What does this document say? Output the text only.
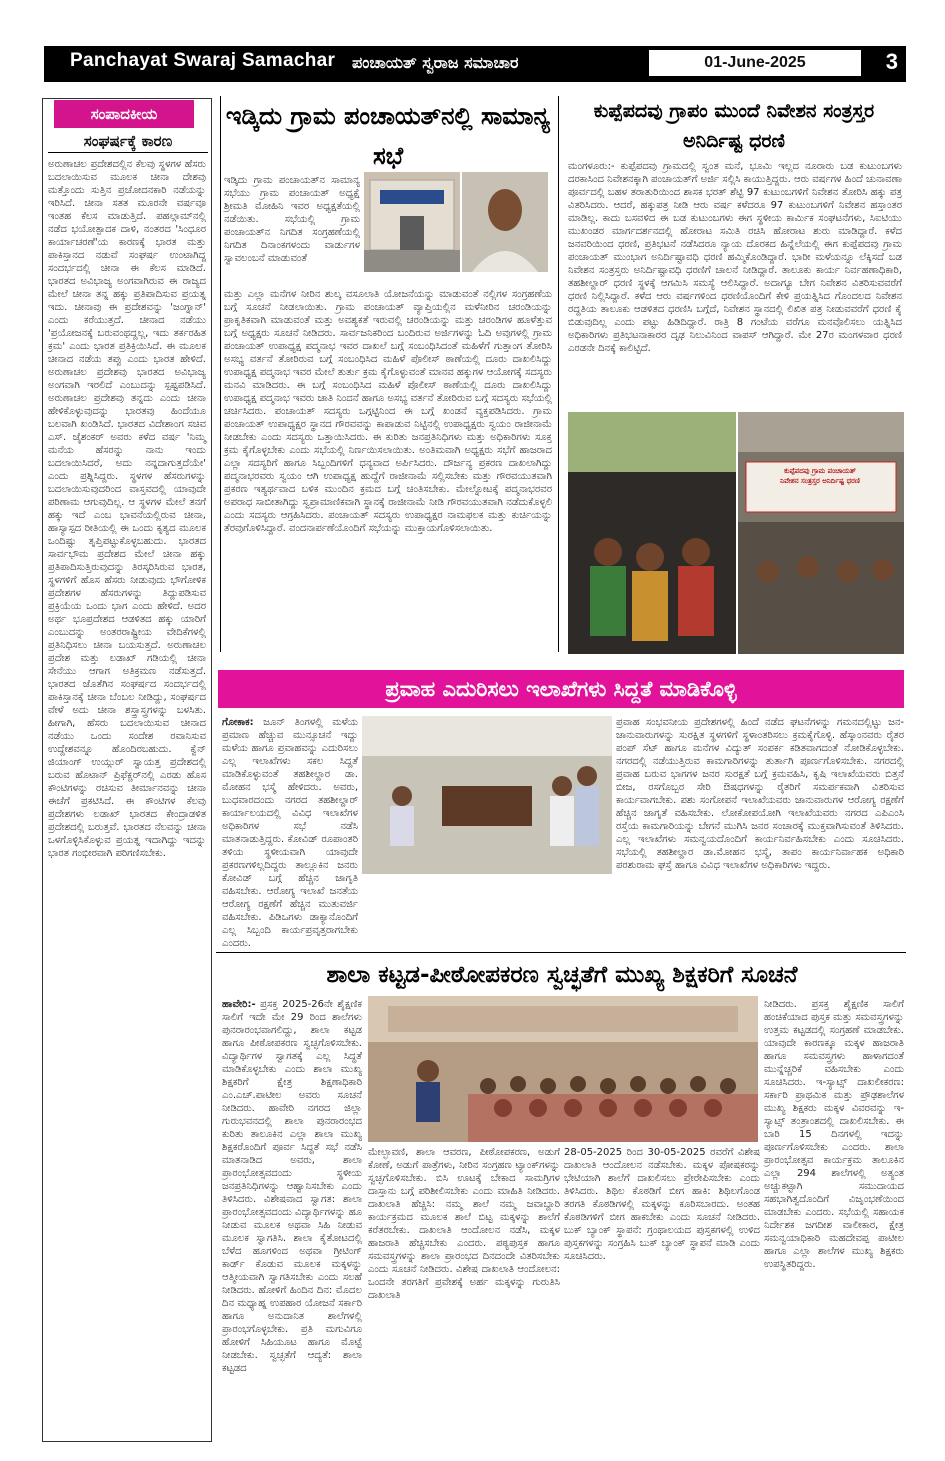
Panchayat Swaraj Samachar ಪಂಚಾಯತ್ ಸ್ವರಾಜ ಸಮಾಚಾರ	01-June-2025	3
ಸಂಪಾದಕೀಯ
ಸಂಘರ್ಷಕ್ಕೆ ಕಾರಣ
ಅರುಣಾಚಲ ಪ್ರದೇಶದಲ್ಲಿನ ಕೆಲವು ಸ್ಥಳಗಳ ಹೆಸರು ಬದಲಾಯಿಸುವ ಮೂಲಕ ಚೀನಾ ದೇಶವು ಮತ್ತೊಂದು ಸುತ್ತಿನ ಪ್ರಚೋದನಕಾರಿ ನಡೆಯನ್ನು ಇರಿಸಿದೆ. ಚೀನಾ ಸತತ ಮೂರನೇ ವರ್ಷವೂ ಇಂತಹ ಕೆಲಸ ಮಾಡುತ್ತಿದೆ. ಪಹಲ್ಗಾಮ್‌ನಲ್ಲಿ ನಡೆದ ಭಯೋತ್ಪಾದಕ ದಾಳಿ, ನಂತರದ 'ಸಿಂಧೂರ ಕಾರ್ಯಾಚರಣೆ'ಯ ಕಾರಣಕ್ಕೆ ಭಾರತ ಮತ್ತು ಪಾಕಿಸ್ತಾನದ ನಡುವೆ ಸಂಘರ್ಷ ಉಂಟಾಗಿದ್ದ ಸಂದರ್ಭದಲ್ಲಿ ಚೀನಾ ಈ ಕೆಲಸ ಮಾಡಿದೆ. ಭಾರತದ ಅವಿಭಾಜ್ಯ ಅಂಗವಾಗಿರುವ ಈ ರಾಜ್ಯದ ಮೇಲೆ ಚೀನಾ ತನ್ನ ಹಕ್ಕು ಪ್ರತಿಪಾದಿಸುವ ಪ್ರಯತ್ನ ಇದು. ಚೀನಾವು ಈ ಪ್ರದೇಶವನ್ನು 'ಜಂಗ್ನಾನ್' ಎಂದು ಕರೆಯುತ್ತದೆ. ಚೀನಾದ ನಡೆಯು 'ಪ್ರಯೋಜನಕ್ಕೆ ಬರುವಂಥದ್ದಲ್ಲ, ಇದು ತರ್ಕರಹಿತ ಕ್ರಮ' ಎಂದು ಭಾರತ ಪ್ರತಿಕ್ರಿಯಿಸಿದೆ. ಈ ಮೂಲಕ ಚೀನಾದ ನಡೆಯ ತಪ್ಪು ಎಂದು ಭಾರತ ಹೇಳಿದೆ. ಅರುಣಾಚಲ ಪ್ರದೇಶವು ಭಾರತದ ಅವಿಭಾಜ್ಯ ಅಂಗವಾಗಿ ಇರಲಿದೆ ಎಂಬುದನ್ನು ಸ್ಪಷ್ಟಪಡಿಸಿದೆ. ಅರುಣಾಚಲ ಪ್ರದೇಶವು ತನ್ನದು ಎಂದು ಚೀನಾ ಹೇಳಿಕೊಳ್ಳುವುದನ್ನು ಭಾರತವು ಹಿಂದೆಯೂ ಬಲವಾಗಿ ಖಂಡಿಸಿದೆ. ಭಾರತದ ವಿದೇಶಾಂಗ ಸಚಿವ ಎಸ್. ಜೈಶಂಕರ್ ಅವರು ಕಳೆದ ವರ್ಷ 'ನಿಮ್ಮ ಮನೆಯ ಹೆಸರನ್ನು ನಾನು ಇಂದು ಬದಲಾಯಿಸಿದರೆ, ಅದು ನನ್ನದಾಗುತ್ತದೆಯೇ' ಎಂದು ಪ್ರಶ್ನಿಸಿದ್ದರು. ಸ್ಥಳಗಳ ಹೆಸರುಗಳನ್ನು ಬದಲಾಯಿಸುವುದರಿಂದ ವಾಸ್ತವದಲ್ಲಿ ಯಾವುದೇ ಪರಿಣಾಮ ಆಗುವುದಿಲ್ಲ. ಆ ಸ್ಥಳಗಳ ಮೇಲೆ ತನಗೆ ಹಕ್ಕು ಇದೆ ಎಂಬ ಭಾವನೆಯಲ್ಲಿರುವ ಚೀನಾ, ಹಾಸ್ಯಾಸ್ಪದ ರೀತಿಯಲ್ಲಿ ಈ ಒಂದು ಕೃತ್ಯದ ಮೂಲಕ ಒಂದಿಷ್ಟು ತೃಪ್ತಿಪಟ್ಟುಕೊಳ್ಳಬಹುದು. ಭಾರತದ ಸಾರ್ವಭೌಮ ಪ್ರದೇಶದ ಮೇಲೆ ಚೀನಾ ಹಕ್ಕು ಪ್ರತಿಪಾದಿಸುತ್ತಿರುವುದನ್ನು ತಿರಸ್ಕರಿಸಿರುವ ಭಾರತ, ಸ್ಥಳಗಳಿಗೆ ಹೊಸ ಹೆಸರು ನೀಡುವುದು ಭೌಗೋಳಿಕ ಪ್ರದೇಶಗಳ ಹೆಸರುಗಳನ್ನು ತಿದ್ದುಪಡಿಸುವ ಪ್ರಕ್ರಿಯೆಯ ಒಂದು ಭಾಗ ಎಂದು ಹೇಳಿದೆ. ಅದರ ಅರ್ಥ ಭೂಪ್ರದೇಶದ ಆಡಳಿತದ ಹಕ್ಕು ಯಾರಿಗೆ ಎಂಬುದನ್ನು ಅಂತರರಾಷ್ಟ್ರೀಯ ವೇದಿಕೆಗಳಲ್ಲಿ ಪ್ರತಿನಿಧಿಸಲು ಚೀನಾ ಬಯಸುತ್ತದೆ. ಅರುಣಾಚಲ ಪ್ರದೇಶ ಮತ್ತು ಲಡಾಖ್ ಗಡಿಯಲ್ಲಿ ಚೀನಾ ಸೇನೆಯು ಆಗಾಗ ಅತಿಕ್ರಮಣ ನಡೆಸುತ್ತದೆ. ಭಾರತದ ಜೊತೆಗಿನ ಸಂಘರ್ಷದ ಸಂದರ್ಭದಲ್ಲಿ ಪಾಕಿಸ್ತಾನಕ್ಕೆ ಚೀನಾ ಬೆಂಬಲ ನೀಡಿದ್ದು, ಸಂಘರ್ಷದ ವೇಳೆ ಅದು ಚೀನಾ ಶಸ್ತ್ರಾಸ್ತ್ರಗಳನ್ನು ಬಳಸಿತು. ಹೀಗಾಗಿ, ಹೆಸರು ಬದಲಾಯಿಸುವ ಚೀನಾದ ನಡೆಯು ಒಂದು ಸಂದೇಶ ರವಾನಿಸುವ ಉದ್ದೇಶವನ್ನೂ ಹೊಂದಿರಬಹುದು. ಕ್ವೆನ್ ಜಿಯಾಂಗ್ ಉಯ್ಗುರ್ ಸ್ವಾಯತ್ತ ಪ್ರದೇಶದಲ್ಲಿ ಬರುವ ಹೊಟಾನ್ ಪ್ರಿಫೆಕ್ಚರ್‌ನಲ್ಲಿ ಎರಡು ಹೊಸ ಕೌಂಟಿಗಳನ್ನು ರಚಿಸುವ ತೀರ್ಮಾನವನ್ನು ಚೀನಾ ಈಚೆಗೆ ಪ್ರಕಟಿಸಿದೆ. ಈ ಕೌಂಟಿಗಳ ಕೆಲವು ಪ್ರದೇಶಗಳು ಲಡಾಖ್ ಭಾರತದ ಕೇಂದ್ರಾಡಳಿತ ಪ್ರದೇಶದಲ್ಲಿ ಬರುತ್ತವೆ. ಭಾರತದ ನೆಲವನ್ನು ಚೀನಾ ಒಳಗೊಳ್ಳಿಸಿಕೊಳ್ಳುವ ಪ್ರಯತ್ನ ಇದಾಗಿದ್ದು ಇದನ್ನು ಭಾರತ ಗಂಭೀರವಾಗಿ ಪರಿಗಣಿಸಬೇಕು.
ಇಡ್ಕಿದು ಗ್ರಾಮ ಪಂಚಾಯತ್‌ನಲ್ಲಿ ಸಾಮಾನ್ಯ ಸಭೆ
ಇಡ್ಕಿದು ಗ್ರಾಮ ಪಂಚಾಯತ್‌ನ ಸಾಮಾನ್ಯ ಸಭೆಯು ಗ್ರಾಮ ಪಂಚಾಯತ್ ಅಧ್ಯಕ್ಷೆ ಶ್ರೀಮತಿ ಮೋಹಿನಿ ಇವರ ಅಧ್ಯಕ್ಷತೆಯಲ್ಲಿ ನಡೆಯಿತು. ಸಭೆಯಲ್ಲಿ ಗ್ರಾಮ ಪಂಚಾಯತ್‌ನ ನಿಗದಿತ ಸಂಗ್ರಹಣೆಯಲ್ಲಿ ನಿಗದಿತ ದಿನಾಂಕಗಳಂದು ವಾರ್ಡುಗಳ ಸ್ವಾವಲಂಬನೆ ಮಾಡುವಂತೆ
ಮತ್ತು ಎಲ್ಲಾ ಮನೆಗಳ ನೀರಿನ ಶುಲ್ಕ ವಸೂಲಾತಿ ಯೋಜನೆಯನ್ನು ಮಾಡುವಂತೆ ನಲ್ಲಿಗಳ ಸಂಗ್ರಹಣೆಯ ಬಗ್ಗೆ ಸೂಚನೆ ನೀಡಲಾಯಿತು. ಗ್ರಾಮ ಪಂಚಾಯತ್ ವ್ಯಾಪ್ತಿಯಲ್ಲಿನ ಮಳೆನೀರಿನ ಚರಂಡಿಯನ್ನು ಪ್ರಾಕೃತಿಕವಾಗಿ ಮಾಡುವಂತೆ ಮತ್ತು ಅವಶ್ಯಕತೆ ಇರುವಲ್ಲಿ ಚರಂಡಿಯನ್ನು ಮತ್ತು ಚರಂಡಿಗಳ ಹೂಳೆತ್ತುವ ಬಗ್ಗೆ ಅಧ್ಯಕ್ಷರು ಸೂಚನೆ ನೀಡಿದರು. ಸಾರ್ವಜನಿಕರಿಂದ ಬಂದಿರುವ ಅರ್ಜಿಗಳನ್ನು ಓದಿ ಅವುಗಳಲ್ಲಿ ಗ್ರಾಮ ಪಂಚಾಯತ್ ಉಪಾಧ್ಯಕ್ಷ ಪದ್ಮನಾಭ ಇವರ ದಾಖಲೆ ಬಗ್ಗೆ ಸಂಬಂಧಿಸಿದಂತೆ ಮಹಿಳೆಗೆ ಗುತ್ತಾಂಗ ತೋರಿಸಿ ಅಸಭ್ಯ ವರ್ತನೆ ತೋರಿರುವ ಬಗ್ಗೆ ಸಂಬಂಧಿಸಿದ ಮಹಿಳೆ ಪೊಲೀಸ್ ಠಾಣೆಯಲ್ಲಿ ದೂರು ದಾಖಲಿಸಿದ್ದು ಉಪಾಧ್ಯಕ್ಷ ಪದ್ಮನಾಭ ಇವರ ಮೇಲೆ ತುರ್ತು ಕ್ರಮ ಕೈಗೊಳ್ಳುವಂತೆ ಮಾನವ ಹಕ್ಕುಗಳ ಆಯೋಗಕ್ಕೆ ಸದಸ್ಯರು ಮನವಿ ಮಾಡಿದರು. ಈ ಬಗ್ಗೆ ಸಂಬಂಧಿಸಿದ ಮಹಿಳೆ ಪೊಲೀಸ್ ಠಾಣೆಯಲ್ಲಿ ದೂರು ದಾಖಲಿಸಿದ್ದು ಉಪಾಧ್ಯಕ್ಷ ಪದ್ಮನಾಭ ಇವರು ಜಾತಿ ನಿಂದನೆ ಹಾಗೂ ಅಸಭ್ಯ ವರ್ತನೆ ತೋರಿರುವ ಬಗ್ಗೆ ಸದಸ್ಯರು ಸಭೆಯಲ್ಲಿ ಚರ್ಚಿಸಿದರು. ಪಂಚಾಯತ್ ಸದಸ್ಯರು ಒಗ್ಗಟ್ಟಿನಿಂದ ಈ ಬಗ್ಗೆ ಖಂಡನೆ ವ್ಯಕ್ತಪಡಿಸಿದರು. ಗ್ರಾಮ ಪಂಚಾಯತ್ ಉಪಾಧ್ಯಕ್ಷರ ಸ್ಥಾನದ ಗೌರವವನ್ನು ಕಾಪಾಡುವ ನಿಟ್ಟಿನಲ್ಲಿ ಉಪಾಧ್ಯಕ್ಷರು ಸ್ವಯಂ ರಾಜೀನಾಮೆ ನೀಡಬೇಕು ಎಂದು ಸದಸ್ಯರು ಒತ್ತಾಯಿಸಿದರು. ಈ ಕುರಿತು ಜನಪ್ರತಿನಿಧಿಗಳು ಮತ್ತು ಅಧಿಕಾರಿಗಳು ಸೂಕ್ತ ಕ್ರಮ ಕೈಗೊಳ್ಳಬೇಕು ಎಂದು ಸಭೆಯಲ್ಲಿ ನಿರ್ಣಯಿಸಲಾಯಿತು. ಅಂತಿಮವಾಗಿ ಅಧ್ಯಕ್ಷರು ಸಭೆಗೆ ಹಾಜರಾದ ಎಲ್ಲಾ ಸದಸ್ಯರಿಗೆ ಹಾಗೂ ಸಿಬ್ಬಂದಿಗಳಿಗೆ ಧನ್ಯವಾದ ಅರ್ಪಿಸಿದರು. ದೌರ್ಜನ್ಯ ಪ್ರಕರಣ ದಾಖಲಾಗಿದ್ದು ಪದ್ಮನಾಭರವರು ಸ್ವಯಂ ಆಗಿ ಉಪಾಧ್ಯಕ್ಷ ಹುದ್ದೆಗೆ ರಾಜೀನಾಮೆ ಸಲ್ಲಿಸಬೇಕು ಮತ್ತು ಗೌರವಯುತವಾಗಿ ಪ್ರಕರಣ ಇತ್ಯರ್ಥವಾದ ಬಳಿಕ ಮುಂದಿನ ಕ್ರಮದ ಬಗ್ಗೆ ಚಿಂತಿಸಬೇಕು. ಮೇಲ್ನೋಟಕ್ಕೆ ಪದ್ಮನಾಭರವರ ಅಪರಾಧ ಸಾಬೀತಾಗಿದ್ದು ಸ್ವಪ್ರಾಮಾಣಿಕವಾಗಿ ಸ್ಥಾನಕ್ಕೆ ರಾಜೀನಾಮೆ ನೀಡಿ ಗೌರವಯುತವಾಗಿ ನಡೆದುಕೊಳ್ಳಲಿ ಎಂದು ಸದಸ್ಯರು ಆಗ್ರಹಿಸಿದರು. ಪಂಚಾಯತ್ ಸದಸ್ಯರು ಉಪಾಧ್ಯಕ್ಷರ ನಾಮಫಲಕ ಮತ್ತು ಕುರ್ಚಿಯನ್ನು ತೆರವುಗೊಳಿಸಿದ್ದಾರೆ. ವಂದನಾರ್ಪಣೆಯೊಂದಿಗೆ ಸಭೆಯನ್ನು ಮುಕ್ತಾಯಗೊಳಿಸಲಾಯಿತು.
ಕುಪ್ಪೆಪದವು ಗ್ರಾಪಂ ಮುಂದೆ ನಿವೇಶನ ಸಂತ್ರಸ್ತರ ಅನಿರ್ದಿಷ್ಟ ಧರಣಿ
ಮಂಗಳೂರು:- ಕುಪ್ಪೆಪದವು ಗ್ರಾಮದಲ್ಲಿ ಸ್ವಂತ ಮನೆ, ಭೂಮಿ ಇಲ್ಲದ ನೂರಾರು ಬಡ ಕುಟುಂಬಗಳು ದರಕಾಸಿಂದ ನಿವೇಶನಕ್ಕಾಗಿ ಪಂಚಾಯತ್‌ಗೆ ಅರ್ಜಿ ಸಲ್ಲಿಸಿ ಕಾಯುತ್ತಿದ್ದರು. ಆರು ವರ್ಷಗಳ ಹಿಂದೆ ಚುನಾವಣಾ ಪೂರ್ವದಲ್ಲಿ ಬಹಳ ತರಾತುರಿಯಿಂದ ಶಾಸಕ ಭರತ್ ಶೆಟ್ಟಿ 97 ಕುಟುಂಬಗಳಿಗೆ ನಿವೇಶನ ತೋರಿಸಿ ಹಕ್ಕು ಪತ್ರ ವಿತರಿಸಿದರು. ಆದರೆ, ಹಕ್ಕುಪತ್ರ ನೀಡಿ ಆರು ವರ್ಷ ಕಳೆದರೂ 97 ಕುಟುಂಬಗಳಿಗೆ ನಿವೇಶನ ಹಸ್ತಾಂತರ ಮಾಡಿಲ್ಲ. ಕಾದು ಬಸವಳಿದ ಈ ಬಡ ಕುಟುಂಬಗಳು ಈಗ ಸ್ಥಳೀಯ ಕಾರ್ಮಿಕ ಸಂಘಟನೆಗಳು, ಸಿಐಟಿಯು ಮುಖಂಡರ ಮಾರ್ಗದರ್ಶನದಲ್ಲಿ ಹೋರಾಟ ಸಮಿತಿ ರಚಿಸಿ ಹೋರಾಟ ಶುರು ಮಾಡಿದ್ದಾರೆ. ಕಳೆದ ಜನವರಿಯಿಂದ ಧರಣಿ, ಪ್ರತಿಭಟನೆ ನಡೆಸಿದರೂ ನ್ಯಾಯ ದೊರಕದ ಹಿನ್ನೆಲೆಯಲ್ಲಿ ಈಗ ಕುಪ್ಪೆಪದವು ಗ್ರಾಮ ಪಂಚಾಯತ್ ಮುಂಭಾಗ ಅನಿರ್ದಿಷ್ಟಾವಧಿ ಧರಣಿ ಹಮ್ಮಿಕೊಂಡಿದ್ದಾರೆ. ಭಾರೀ ಮಳೆಯನ್ನೂ ಲೆಕ್ಕಿಸದೆ ಬಡ ನಿವೇಶನ ಸಂತ್ರಸ್ತರು ಅನಿರ್ದಿಷ್ಟಾವಧಿ ಧರಣಿಗೆ ಚಾಲನೆ ನೀಡಿದ್ದಾರೆ. ತಾಲೂಕು ಕಾರ್ಯ ನಿರ್ವಹಣಾಧಿಕಾರಿ, ತಹಶೀಲ್ದಾರ್ ಧರಣಿ ಸ್ಥಳಕ್ಕೆ ಆಗಮಿಸಿ ಸಮಸ್ಯೆ ಆಲಿಸಿದ್ದಾರೆ. ಅದಾಗ್ಯೂ ಬೇಗ ನಿವೇಶನ ವಿತರಿಸುವವರೆಗೆ ಧರಣಿ ನಿಲ್ಲಿಸಿದ್ದಾರೆ. ಕಳೆದ ಆರು ವರ್ಷಗಳಿಂದ ಧರಣಿಯೊಂದಿಗೆ ಕೇಳಿ ಪ್ರಯತ್ನಿಸಿದ ಗೊಂದಲದ ನಿವೇಶನ ರದ್ದತಿಯ ತಾಲೂಕು ಆಡಳಿತದ ಧರಣಿಸಿ ಬಗ್ಗೆದೆ, ನಿವೇಶನ ಸ್ಥಾನದಲ್ಲಿ ಲಿಖಿತ ಪತ್ರ ನೀಡುವವರೆಗೆ ಧರಣಿ ಕೈ ಬಿಡುವುದಿಲ್ಲ ಎಂದು ಪಟ್ಟು ಹಿಡಿದಿದ್ದಾರೆ. ರಾತ್ರಿ 8 ಗಂಟೆಯ ವರೆಗೂ ಮನವೊಲಿಸಲು ಯತ್ನಿಸಿದ ಅಧಿಕಾರಿಗಳು ಪ್ರತಿಭಟನಾಕಾರರ ದೃಢ ನಿಲುವಿನಿಂದ ವಾಪಸ್ ಆಗಿದ್ದಾರೆ. ಮೇ 27ರ ಮಂಗಳವಾರ ಧರಣಿ ಎರಡನೇ ದಿನಕ್ಕೆ ಕಾಲಿಟ್ಟಿದೆ.
ಕುಪ್ಪೆಪದವು ಗ್ರಾಮ ಪಂಚಾಯತ್
ನಿವೇಶನ ಸಂತ್ರಸ್ತರ ಅನಿರ್ದಿಷ್ಟ ಧರಣಿ
ಪ್ರವಾಹ ಎದುರಿಸಲು ಇಲಾಖೆಗಳು ಸಿದ್ದತೆ ಮಾಡಿಕೊಳ್ಳಿ
ಗೋಕಾಕ: ಜೂನ್ ತಿಂಗಳಲ್ಲಿ ಮಳೆಯ ಪ್ರಮಾಣ ಹೆಚ್ಚುವ ಮುನ್ಸೂಚನೆ ಇದ್ದು ಮಳೆಯ ಹಾಗೂ ಪ್ರವಾಹವನ್ನು ಎದುರಿಸಲು ಎಲ್ಲ ಇಲಾಖೆಗಳು ಸಕಲ ಸಿದ್ದತೆ ಮಾಡಿಕೊಳ್ಳುವಂತೆ ತಹಶೀಲ್ದಾರ ಡಾ. ಮೋಹನ ಭಸ್ಮೆ ಹೇಳಿದರು. ಅವರು, ಬುಧವಾರದಂದು ನಗರದ ತಹಶೀಲ್ದಾರ್ ಕಾರ್ಯಾಲಯದಲ್ಲಿ ವಿವಿಧ ಇಲಾಖೆಗಳ ಅಧಿಕಾರಿಗಳ ಸಭೆ ನಡೆಸಿ ಮಾತನಾಡುತ್ತಿದ್ದರು. ಕೋವಿಡ್ ರೂಪಾಂತರಿ ತಳಿಯ ಸ್ಥಳೀಯವಾಗಿ ಯಾವುದೇ ಪ್ರಕರಣಗಳಿಲ್ಲದಿದ್ದರು ತಾಲ್ಲೂಕಿನ ಜನರು ಕೋವಿಡ್ ಬಗ್ಗೆ ಹೆಚ್ಚಿನ ಜಾಗೃತಿ ವಹಿಸಬೇಕು. ಆರೋಗ್ಯ ಇಲಾಖೆ ಜನತೆಯ ಆರೋಗ್ಯ ರಕ್ಷಣೆಗೆ ಹೆಚ್ಚಿನ ಮುತುವರ್ಜಿ ವಹಿಸಬೇಕು. ಪಿಡಿಒಗಳು ಡಾಕ್ಯಾನೊಂದಿಗೆ ಎಲ್ಲ ಸಿಬ್ಬಂದಿ ಕಾರ್ಯಪ್ರವೃತ್ತರಾಗಬೇಕು ಎಂದರು.
ಪ್ರವಾಹ ಸಂಭವನೀಯ ಪ್ರದೇಶಗಳಲ್ಲಿ ಹಿಂದೆ ನಡೆದ ಘಟನೆಗಳನ್ನು ಗಮನದಲ್ಲಿಟ್ಟು ಜನ-ಜಾನುವಾರುಗಳನ್ನು ಸುರಕ್ಷಿತ ಸ್ಥಳಗಳಿಗೆ ಸ್ಥಳಾಂತರಿಸಲು ಕ್ರಮಕೈಗೊಳ್ಳಿ. ಹೆಸ್ಕಾಂನವರು ರೈತರ ಪಂಪ್ ಸೆಟ್ ಹಾಗೂ ಮನೆಗಳ ವಿದ್ಯುತ್ ಸಂಪರ್ಕ ಕಡಿತವಾಗದಂತೆ ನೋಡಿಕೊಳ್ಳಬೇಕು. ನಗರದಲ್ಲಿ ನಡೆಯುತ್ತಿರುವ ಕಾಮಗಾರಿಗಳನ್ನು ತುರ್ತಾಗಿ ಪೂರ್ಣಗೊಳಿಸಬೇಕು. ನಗರದಲ್ಲಿ ಪ್ರವಾಹ ಬರುವ ಭಾಗಗಳ ಜನರ ಸುರಕ್ಷತೆ ಬಗ್ಗೆ ಕ್ರಮವಹಿಸಿ, ಕೃಷಿ ಇಲಾಖೆಯವರು ಬಿತ್ತನೆ ಬೀಜ, ರಸಗೊಬ್ಬರ ಸೇರಿ ಔಷಧಗಳನ್ನು ರೈತರಿಗೆ ಸಮರ್ಪಕವಾಗಿ ವಿತರಿಸುವ ಕಾರ್ಯವಾಗಬೇಕು. ಪಶು ಸಂಗೋಪನೆ ಇಲಾಖೆಯವರು ಜಾನುವಾರುಗಳ ಆರೋಗ್ಯ ರಕ್ಷಣೆಗೆ ಹೆಚ್ಚಿನ ಜಾಗೃತೆ ವಹಿಸಬೇಕು. ಲೋಕೋಪಯೋಗಿ ಇಲಾಖೆಯವರು ನಗರದ ಎಪಿಎಂಸಿ ರಸ್ತೆಯ ಕಾಮಗಾರಿಯನ್ನು ಬೇಗನೆ ಮುಗಿಸಿ ಜನರ ಸಂಚಾರಕ್ಕೆ ಮುಕ್ತವಾಗಿಸುವಂತೆ ತಿಳಿಸಿದರು. ಎಲ್ಲ ಇಲಾಖೆಗಳು ಸಮನ್ವಯದೊಂದಿಗೆ ಕಾರ್ಯನಿರ್ವಹಿಸಬೇಕು ಎಂದು ಸೂಚಿಸಿದರು. ಸಭೆಯಲ್ಲಿ ತಹಶೀಲ್ದಾರ ಡಾ.ಮೋಹನ ಭಸ್ಮೆ, ತಾಪಂ ಕಾರ್ಯನಿರ್ವಾಹಕ ಅಧಿಕಾರಿ ಪರಶುರಾಮ ಘಸ್ತೆ ಹಾಗೂ ವಿವಿಧ ಇಲಾಖೆಗಳ ಅಧಿಕಾರಿಗಳು ಇದ್ದರು.
ಶಾಲಾ ಕಟ್ಟಡ-ಪೀಠೋಪಕರಣ ಸ್ವಚ್ಛತೆಗೆ ಮುಖ್ಯ ಶಿಕ್ಷಕರಿಗೆ ಸೂಚನೆ
ಹಾವೇರಿ:- ಪ್ರಸಕ್ತ 2025-26ನೇ ಶೈಕ್ಷಣಿಕ ಸಾಲಿಗೆ ಇದೇ ಮೇ 29 ರಿಂದ ಶಾಲೆಗಳು ಪುನರಾರಂಭವಾಗಲಿದ್ದು, ಶಾಲಾ ಕಟ್ಟಡ ಹಾಗೂ ಪೀಠೋಪಕರಣ ಸ್ವಚ್ಛಗೊಳಿಸಬೇಕು. ವಿದ್ಯಾರ್ಥಿಗಳ ಸ್ವಾಗತಕ್ಕೆ ಎಲ್ಲ ಸಿದ್ಧತೆ ಮಾಡಿಕೊಳ್ಳಬೇಕು ಎಂದು ಶಾಲಾ ಮುಖ್ಯ ಶಿಕ್ಷಕರಿಗೆ ಕ್ಷೇತ್ರ ಶಿಕ್ಷಣಾಧಿಕಾರಿ ಎಂ.ಎಚ್.ಪಾಟೀಲ ಅವರು ಸೂಚನೆ ನೀಡಿದರು. ಹಾವೇರಿ ನಗರದ ಜಿಲ್ಲಾ ಗುರುಭವನದಲ್ಲಿ ಶಾಲಾ ಪುನರಾರಂಭದ ಕುರಿತು ತಾಲೂಕಿನ ಎಲ್ಲಾ ಶಾಲಾ ಮುಖ್ಯ ಶಿಕ್ಷಕರೊಂದಿಗೆ ಪೂರ್ವ ಸಿದ್ಧತೆ ಸಭೆ ನಡೆಸಿ ಮಾತನಾಡಿದ ಅವರು, ಶಾಲಾ ಪ್ರಾರಂಭೋತ್ಸವದಂದು ಸ್ಥಳೀಯ ಜನಪ್ರತಿನಿಧಿಗಳನ್ನು ಆಹ್ವಾನಿಸಬೇಕು ಎಂದು ತಿಳಿಸಿದರು. ವಿಶೇಷವಾದ ಸ್ವಾಗತ: ಶಾಲಾ ಪ್ರಾರಂಭೋತ್ಸವದಂದು ವಿದ್ಯಾರ್ಥಿಗಳನ್ನು ಹೂ ನೀಡುವ ಮೂಲಕ ಅಥವಾ ಸಿಹಿ ನೀಡುವ ಮೂಲಕ ಸ್ವಾಗತಿಸಿ. ಶಾಲಾ ಕೈತೋಟದಲ್ಲಿ ಬೆಳೆದ ಹೂಗಳಿಂದ ಅಥವಾ ಗ್ರೀಟಿಂಗ್ ಕಾರ್ಡ್ ಕೊಡುವ ಮೂಲಕ ಮಕ್ಕಳನ್ನು ಆತ್ಮೀಯವಾಗಿ ಸ್ವಾಗತಿಸಬೇಕು ಎಂದು ಸಲಹೆ ನೀಡಿದರು. ಹೋಳಿಗೆ ಹಿಂದಿನ ದಿನ: ಮೊದಲ ದಿನ ಮಧ್ಯಾಹ್ನ ಉಪಹಾರ ಯೋಜನೆ ಸರ್ಕಾರಿ ಹಾಗೂ ಅನುದಾನಿತ ಶಾಲೆಗಳಲ್ಲಿ ಪ್ರಾರಂಭಗೊಳ್ಳಬೇಕು. ಪ್ರತಿ ಮಗುವಿಗೂ ಹೋಳಿಗೆ ಸಿಹಿಯೂಟ ಹಾಗೂ ಮೊಟ್ಟೆ ನೀಡಬೇಕು. ಸ್ವಚ್ಛತೆಗೆ ಆದ್ಯತೆ: ಶಾಲಾ ಕಟ್ಟಡದ
ಮೇಲ್ಛಾವಣಿ, ಶಾಲಾ ಆವರಣ, ಪೀಠೋಪಕರಣ, ಅಡುಗೆ ಕೋಣೆ, ಅಡುಗೆ ಪಾತ್ರೆಗಳು, ನೀರಿನ ಸಂಗ್ರಹಣ ಟ್ಯಾಂಕ್‌ಗಳನ್ನು ಸ್ವಚ್ಛಗೊಳಿಸಬೇಕು. ಬಿಸಿ ಊಟಕ್ಕೆ ಬೇಕಾದ ಸಾಮಗ್ರಿಗಳ ದಾಸ್ತಾನು ಬಗ್ಗೆ ಪರಿಶೀಲಿಸಬೇಕು ಎಂದು ಮಾಹಿತಿ ನೀಡಿದರು. ದಾಖಲಾತಿ ಹೆಚ್ಚಿಸಿ: ನಮ್ಮ ಶಾಲೆ ನಮ್ಮ ಜವಾಬ್ದಾರಿ ಕಾರ್ಯಕ್ರಮದ ಮೂಲಕ ಶಾಲೆ ಬಿಟ್ಟ ಮಕ್ಕಳನ್ನು ಶಾಲೆಗೆ ಕರೆತರಬೇಕು. ದಾಖಲಾತಿ ಆಂದೋಲನ ನಡೆಸಿ, ಮಕ್ಕಳ ಹಾಜರಾತಿ ಹೆಚ್ಚಿಸಬೇಕು ಎಂದರು. ಪಠ್ಯಪುಸ್ತಕ ಹಾಗೂ ಸಮವಸ್ತ್ರಗಳನ್ನು ಶಾಲಾ ಪ್ರಾರಂಭದ ದಿನದಂದೇ ವಿತರಿಸಬೇಕು ಎಂದು ಸೂಚನೆ ನೀಡಿದರು. ವಿಶೇಷ ದಾಖಲಾತಿ ಆಂದೋಲನ: ಒಂದನೇ ತರಗತಿಗೆ ಪ್ರವೇಶಕ್ಕೆ ಅರ್ಹ ಮಕ್ಕಳನ್ನು ಗುರುತಿಸಿ ದಾಖಲಾತಿ
28-05-2025 ರಿಂದ 30-05-2025 ರವರೆಗೆ ವಿಶೇಷ ದಾಖಲಾತಿ ಆಂದೋಲನ ನಡೆಸಬೇಕು. ಮಕ್ಕಳ ಪೋಷಕರನ್ನು ಭೇಟಿಯಾಗಿ ಶಾಲೆಗೆ ದಾಖಲಿಸಲು ಪ್ರೇರೇಪಿಸಬೇಕು ಎಂದು ತಿಳಿಸಿದರು. ಶಿಥಿಲ ಕೊಠಡಿಗೆ ಬೀಗ ಹಾಕಿ: ಶಿಥಿಲಗೊಂಡ ತರಗತಿ ಕೊಠಡಿಗಳಲ್ಲಿ ಮಕ್ಕಳನ್ನು ಕೂರಿಸಬಾರದು. ಅಂತಹ ಕೊಠಡಿಗಳಿಗೆ ಬೀಗ ಹಾಕಬೇಕು ಎಂದು ಸೂಚನೆ ನೀಡಿದರು. ಬುಕ್ ಬ್ಯಾಂಕ್ ಸ್ಥಾಪನೆ: ಗ್ರಂಥಾಲಯದ ಪುಸ್ತಕಗಳಲ್ಲಿ ಉಳಿದ ಪುಸ್ತಕಗಳನ್ನು ಸಂಗ್ರಹಿಸಿ ಬುಕ್ ಬ್ಯಾಂಕ್ ಸ್ಥಾಪನೆ ಮಾಡಿ ಎಂದು ಸೂಚಿಸಿದರು.
ನೀಡಿದರು. ಪ್ರಸಕ್ತ ಶೈಕ್ಷಣಿಕ ಸಾಲಿಗೆ ಹಂಚಿಕೆಯಾದ ಪುಸ್ತಕ ಮತ್ತು ಸಮವಸ್ತ್ರಗಳನ್ನು ಉತ್ತಮ ಕಟ್ಟಡದಲ್ಲಿ ಸಂಗ್ರಹಣೆ ಮಾಡಬೇಕು. ಯಾವುದೇ ಕಾರಣಕ್ಕೂ ಮಕ್ಕಳ ಹಾಜರಾತಿ ಹಾಗೂ ಸಮವಸ್ತ್ರಗಳು ಹಾಳಾಗದಂತೆ ಮುನ್ನೆಚ್ಚರಿಕೆ ವಹಿಸಬೇಕು ಎಂದು ಸೂಚಿಸಿದರು. ಇ-ಸ್ಯಾಟ್ಸ್ ದಾಖಲೀಕರಣ: ಸರ್ಕಾರಿ ಪ್ರಾಥಮಿಕ ಮತ್ತು ಪ್ರೌಢಶಾಲೆಗಳ ಮುಖ್ಯ ಶಿಕ್ಷಕರು ಮಕ್ಕಳ ವಿವರವನ್ನು ಇ-ಸ್ಯಾಟ್ಸ್ ತಂತ್ರಾಂಶದಲ್ಲಿ ದಾಖಲಿಸಬೇಕು. ಈ ಬಾರಿ 15 ದಿನಗಳಲ್ಲಿ ಇದನ್ನು ಪೂರ್ಣಗೊಳಿಸಬೇಕು ಎಂದರು. ಶಾಲಾ ಪ್ರಾರಂಭೋತ್ಸವ ಕಾರ್ಯಕ್ರಮ ತಾಲೂಕಿನ ಎಲ್ಲಾ 294 ಶಾಲೆಗಳಲ್ಲಿ ಅತ್ಯಂತ ಅಚ್ಚುಕಟ್ಟಾಗಿ ಸಮುದಾಯದ ಸಹಭಾಗಿತ್ವದೊಂದಿಗೆ ವಿಜೃಂಭಣೆಯಿಂದ ಮಾಡಬೇಕು ಎಂದರು. ಸಭೆಯಲ್ಲಿ ಸಹಾಯಕ ನಿರ್ದೇಶಕ ಜಗದೀಶ ವಾಲೀಕಾರ, ಕ್ಷೇತ್ರ ಸಮನ್ವಯಾಧಿಕಾರಿ ಮಹದೇವಪ್ಪ ಪಾಟೀಲ ಹಾಗೂ ಎಲ್ಲಾ ಶಾಲೆಗಳ ಮುಖ್ಯ ಶಿಕ್ಷಕರು ಉಪಸ್ಥಿತರಿದ್ದರು.
